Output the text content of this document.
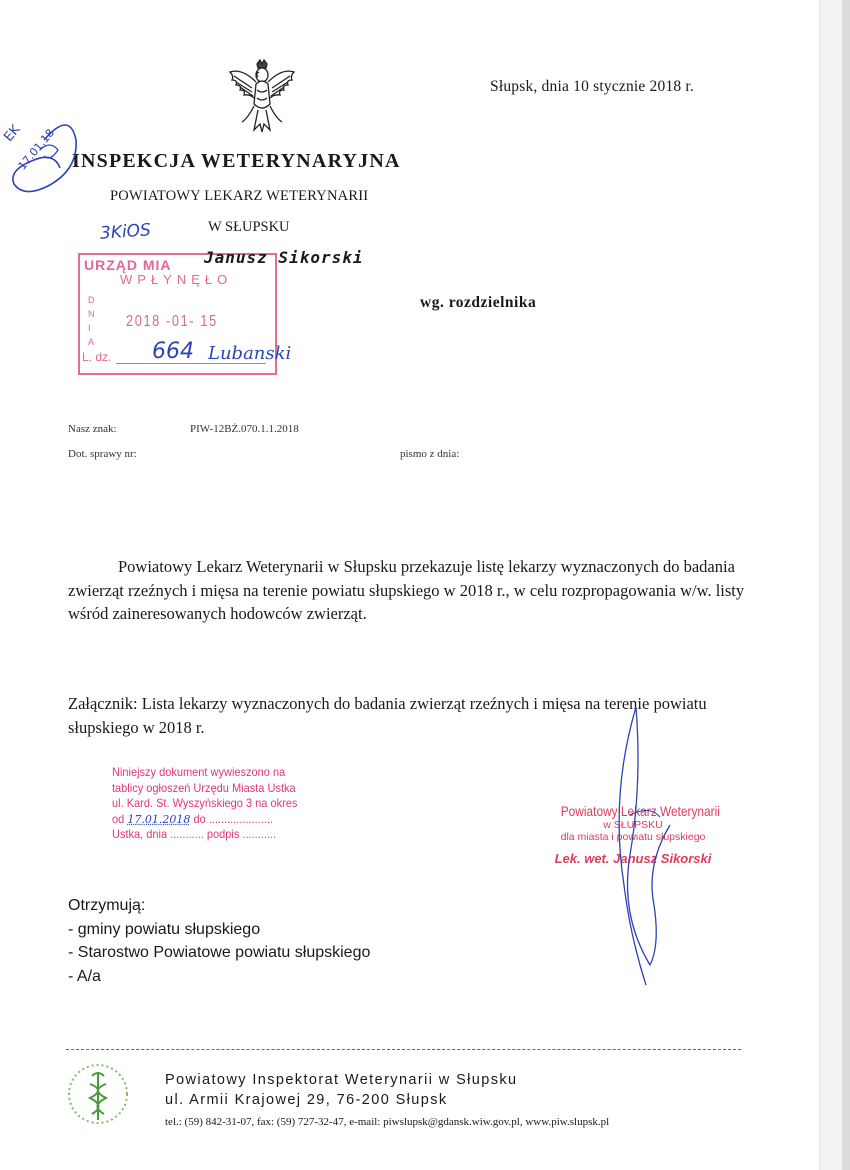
Słupsk, dnia 10 stycznie 2018 r.
INSPEKCJA WETERYNARYJNA
POWIATOWY LEKARZ WETERYNARII
W SŁUPSKU
EK
17.01.18
3KiOS
URZĄD MIA
WPŁYNĘŁO
D
N
I
A
2018 -01- 15
L. dz. 664 Lubanski
Janusz Sikorski
wg. rozdzielnika
Nasz znak:	PIW-12BŻ.070.1.1.2018
Dot. sprawy nr:	pismo z dnia:
Powiatowy Lekarz Weterynarii w Słupsku przekazuje listę lekarzy wyznaczonych do badania zwierząt rzeźnych i mięsa na terenie powiatu słupskiego w 2018 r., w celu rozpropagowania w/w. listy wśród zaineresowanych hodowców zwierząt.
Załącznik: Lista lekarzy wyznaczonych do badania zwierząt rzeźnych i mięsa na terenie powiatu słupskiego w 2018 r.
Niniejszy dokument wywieszono na
tablicy ogłoszeń Urzędu Miasta Ustka
ul. Kard. St. Wyszyńskiego 3 na okres
od 17.01.2018 do .....................
Ustka, dnia ........... podpis ...........
Powiatowy Lekarz Weterynarii
w SŁUPSKU
dla miasta i powiatu słupskiego
Lek. wet. Janusz Sikorski
Otrzymują:
- gminy powiatu słupskiego
- Starostwo Powiatowe powiatu słupskiego
- A/a
Powiatowy Inspektorat Weterynarii w Słupsku
ul. Armii Krajowej 29, 76-200 Słupsk
tel.: (59) 842-31-07, fax: (59) 727-32-47, e-mail: piwslupsk@gdansk.wiw.gov.pl, www.piw.slupsk.pl
